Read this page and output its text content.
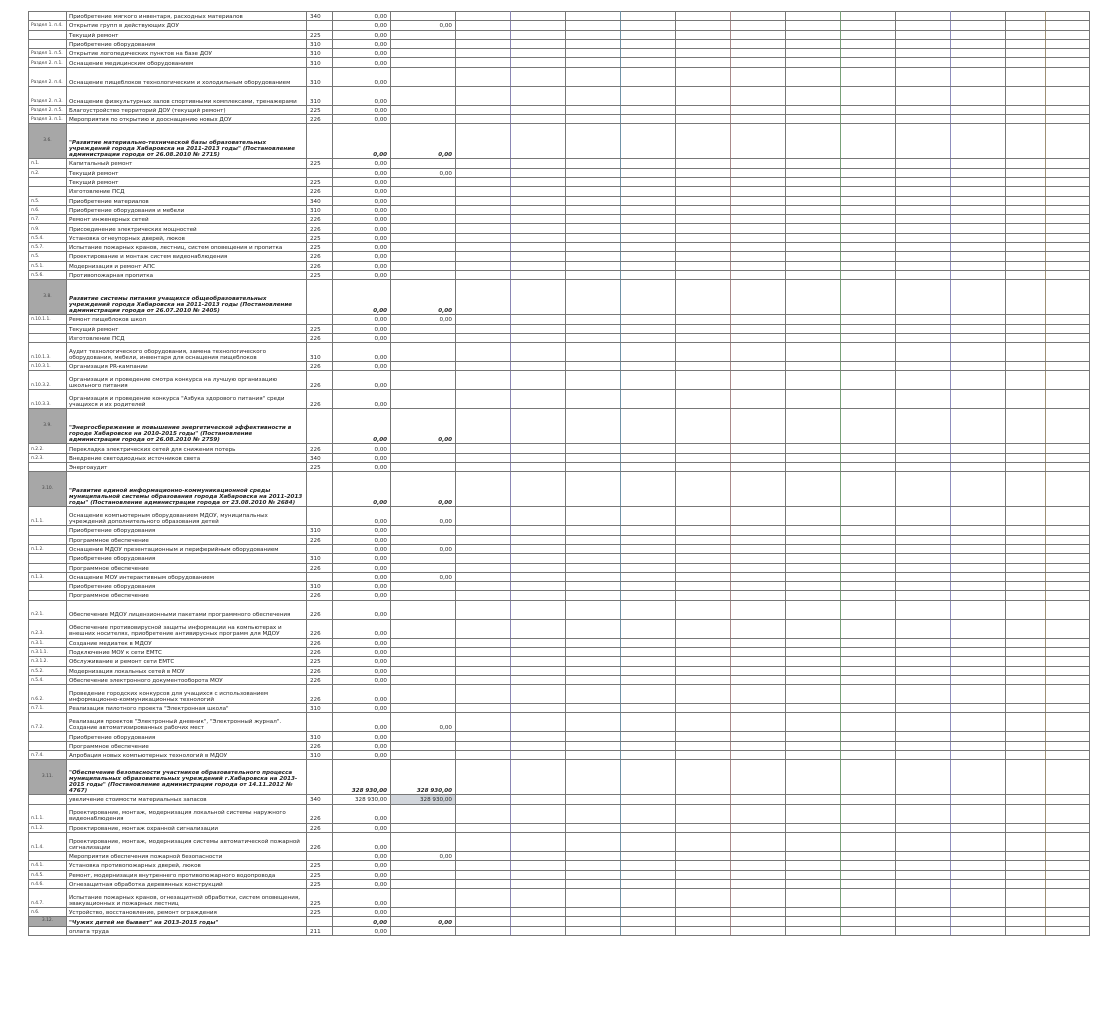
	Приобретение мягкого инвентаря, расходных материалов	340	0,00													
Раздел 1. п.4.	Открытие групп в действующих ДОУ		0,00	0,00												
	Текущий ремонт	225	0,00													
	Приобретение оборудования	310	0,00													
Раздел 1. п.5.	Открытие логопедических пунктов на базе ДОУ	310	0,00													
Раздел 2. п.1.	Оснащение медицинским оборудованием	310	0,00													
Раздел 2. п.4.	Оснащение пищеблоков технологическим и холодильным оборудованием	310	0,00													
Раздел 2. п.3.	Оснащение физкультурных залов спортивными комплексами, тренажерами	310	0,00													
Раздел 2. п.5.	Благоустройство территорий ДОУ (текущий ремонт)	225	0,00													
Раздел 3. п.1.	Мероприятия по открытию и дооснащению новых ДОУ	226	0,00													
3.6.	"Развитие материально-технической базы образовательных учреждений города Хабаровска на 2011-2013 годы" (Постановление администрации города от 26.08.2010 № 2715)		0,00	0,00												
п.1.	Капитальный ремонт	225	0,00													
п.2.	Текущий ремонт		0,00	0,00												
	Текущий ремонт	225	0,00													
	Изготовление ПСД	226	0,00													
п.5.	Приобретение материалов	340	0,00													
п.6.	Приобретение оборудования и мебели	310	0,00													
п.7.	Ремонт инженерных сетей	226	0,00													
п.9.	Присоединение электрических мощностей	226	0,00													
п.5.4.	Установка огнеупорных дверей, люков	225	0,00													
п.5.7.	Испытание пожарных кранов, лестниц, систем оповещения и пропитка	225	0,00													
п.5.	Проектирование и монтаж систем видеонаблюдения	226	0,00													
п.5.1.	Модернизация и ремонт АПС	226	0,00													
п.5.6.	Противопожарная пропитка	225	0,00													
3.8.	Развитие системы питания учащихся общеобразовательных учреждений города Хабаровска на 2011-2013 годы (Постановление администрации города от 26.07.2010 № 2405)		0,00	0,00												
п.10.1.1.	Ремонт пищеблоков школ		0,00	0,00												
	Текущий ремонт	225	0,00													
	Изготовление ПСД	226	0,00													
п.10.1.3.	Аудит технологического оборудования, замена технологического оборудования, мебели, инвентаря для оснащения пищеблоков	310	0,00													
п.10.3.1.	Организация PR-кампании	226	0,00													
п.10.3.2.	Организация и проведение смотра конкурса на лучшую организацию школьного питания	226	0,00													
п.10.3.3.	Организация и проведение конкурса "Азбука здорового питания" среди учащихся и их родителей	226	0,00													
3.9.	"Энергосбережение и повышение энергетической эффективности в городе Хабаровске на 2010-2015 годы" (Постановление администрации города от 26.08.2010 № 2759)		0,00	0,00												
п.2.2.	Перекладка электрических сетей для снижения потерь	226	0,00													
п.2.3.	Внедрение светодиодных источников света	340	0,00													
	Энергоаудит	225	0,00													
3.10.	"Развитие единой информационно-коммуникационной среды муниципальной системы образования города Хабаровска на 2011-2013 годы" (Постановление администрации города от 23.08.2010 № 2684)		0,00	0,00												
п.1.1.	Оснащение компьютерным оборудованием МДОУ, муниципальных учреждений дополнительного образования детей		0,00	0,00												
	Приобретение оборудования	310	0,00													
	Программное обеспечение	226	0,00													
п.1.2.	Оснащение МДОУ презентационным и периферийным оборудованием		0,00	0,00												
	Приобретение оборудования	310	0,00													
	Программное обеспечение	226	0,00													
п.1.3.	Оснащение МОУ интерактивным оборудованием		0,00	0,00												
	Приобретение оборудования	310	0,00													
	Программное обеспечение	226	0,00													
п.2.1.	Обеспечение МДОУ лицензионными пакетами программного обеспечения	226	0,00													
п.2.3.	Обеспечение противовирусной защиты информации на компьютерах и внешних носителях, приобретение антивирусных программ для МДОУ	226	0,00													
п.3.1.	Создание медиатек в МДОУ	226	0,00													
п.3.1.1.	Подключение МОУ к сети ЕМТС	226	0,00													
п.3.1.2.	Обслуживание и ремонт сети ЕМТС	225	0,00													
п.5.2.	Модернизация локальных сетей в МОУ	226	0,00													
п.5.4.	Обеспечение электронного документооборота МОУ	226	0,00													
п.6.2.	Проведение городских конкурсов для учащихся с использованием информационно-коммуникационных технологий	226	0,00													
п.7.1.	Реализация пилотного проекта "Электронная школа"	310	0,00													
п.7.2.	Реализация проектов "Электронный дневник", "Электронный журнал". Создание автоматизированных рабочих мест		0,00	0,00												
	Приобретение оборудования	310	0,00													
	Программное обеспечение	226	0,00													
п.7.4.	Апробация новых компьютерных технологий в МДОУ	310	0,00													
3.11.	"Обеспечение безопасности участников образовательного процесса муниципальных образовательных учреждений г.Хабаровска на 2013-2015 годы" (Постановление администрации города от 14.11.2012 № 4767)		328 930,00	328 930,00												
	увеличение стоимости материальных запасов	340	328 930,00	328 930,00												
п.1.1.	Проектирование, монтаж, модернизация локальной системы наружного видеонаблюдения	226	0,00													
п.1.2.	Проектирование, монтаж охранной сигнализации	226	0,00													
п.1.4.	Проектирование, монтаж, модернизация системы автоматической пожарной сигнализации	226	0,00													
	Мероприятия обеспечения пожарной безопасности		0,00	0,00												
п.4.1.	Установка противопожарных дверей, люков	225	0,00													
п.4.5.	Ремонт, модернизация внутреннего противопожарного водопровода	225	0,00													
п.4.6.	Огнезащитная обработка деревянных конструкций	225	0,00													
п.4.7.	Испытание пожарных кранов, огнезащитной обработки, систем оповещения, эвакуационных и пожарных лестниц	225	0,00													
п.6.	Устройство, восстановление, ремонт ограждения	225	0,00													
3.12.	"Чужих детей не бывает" на 2013-2015 годы"		0,00	0,00												
	оплата труда	211	0,00													
